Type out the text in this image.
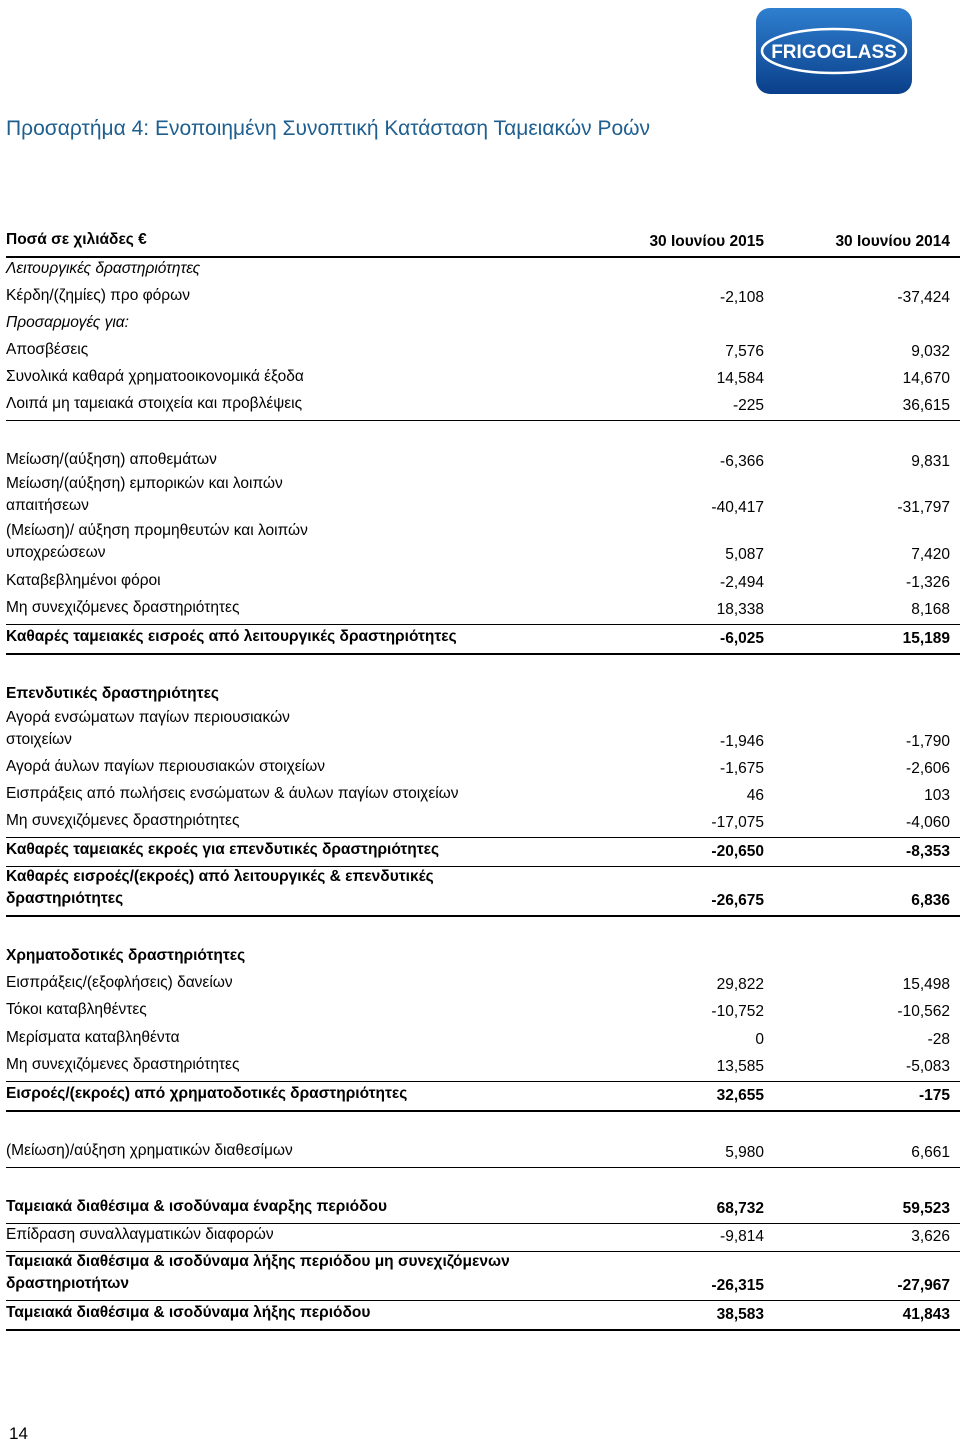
FRIGOGLASS
Προσαρτήμα 4: Ενοποιημένη Συνοπτική Κατάσταση Ταμειακών Ροών
Ποσά σε χιλιάδες €	30 Ιουνίου 2015	30 Ιουνίου 2014
Λειτουργικές δραστηριότητες
Κέρδη/(ζημίες) προ φόρων	-2,108	-37,424
Προσαρμογές για:
Αποσβέσεις	7,576	9,032
Συνολικά καθαρά χρηματοοικονομικά έξοδα	14,584	14,670
Λοιπά μη ταμειακά στοιχεία και προβλέψεις	-225	36,615
Μείωση/(αύξηση) αποθεμάτων	-6,366	9,831
Μείωση/(αύξηση) εμπορικών και λοιπών
απαιτήσεων	-40,417	-31,797
(Μείωση)/ αύξηση προμηθευτών και λοιπών
υποχρεώσεων	5,087	7,420
Καταβεβλημένοι φόροι	-2,494	-1,326
Μη συνεχιζόμενες δραστηριότητες	18,338	8,168
Καθαρές ταμειακές εισροές από λειτουργικές δραστηριότητες	-6,025	15,189
Επενδυτικές δραστηριότητες
Αγορά ενσώματων παγίων περιουσιακών
στοιχείων	-1,946	-1,790
Αγορά άυλων παγίων περιουσιακών στοιχείων	-1,675	-2,606
Εισπράξεις από πωλήσεις ενσώματων & άυλων παγίων στοιχείων	46	103
Μη συνεχιζόμενες δραστηριότητες	-17,075	-4,060
Καθαρές ταμειακές εκροές για επενδυτικές δραστηριότητες	-20,650	-8,353
Καθαρές εισροές/(εκροές) από λειτουργικές & επενδυτικές
δραστηριότητες	-26,675	6,836
Χρηματοδοτικές δραστηριότητες
Εισπράξεις/(εξοφλήσεις) δανείων	29,822	15,498
Τόκοι καταβληθέντες	-10,752	-10,562
Μερίσματα καταβληθέντα	0	-28
Μη συνεχιζόμενες δραστηριότητες	13,585	-5,083
Εισροές/(εκροές) από χρηματοδοτικές δραστηριότητες	32,655	-175
(Μείωση)/αύξηση χρηματικών διαθεσίμων	5,980	6,661
Ταμειακά διαθέσιμα & ισοδύναμα έναρξης περιόδου	68,732	59,523
Επίδραση συναλλαγματικών διαφορών	-9,814	3,626
Ταμειακά διαθέσιμα & ισοδύναμα λήξης περιόδου μη συνεχιζόμενων
δραστηριοτήτων	-26,315	-27,967
Ταμειακά διαθέσιμα & ισοδύναμα λήξης περιόδου	38,583	41,843
14
